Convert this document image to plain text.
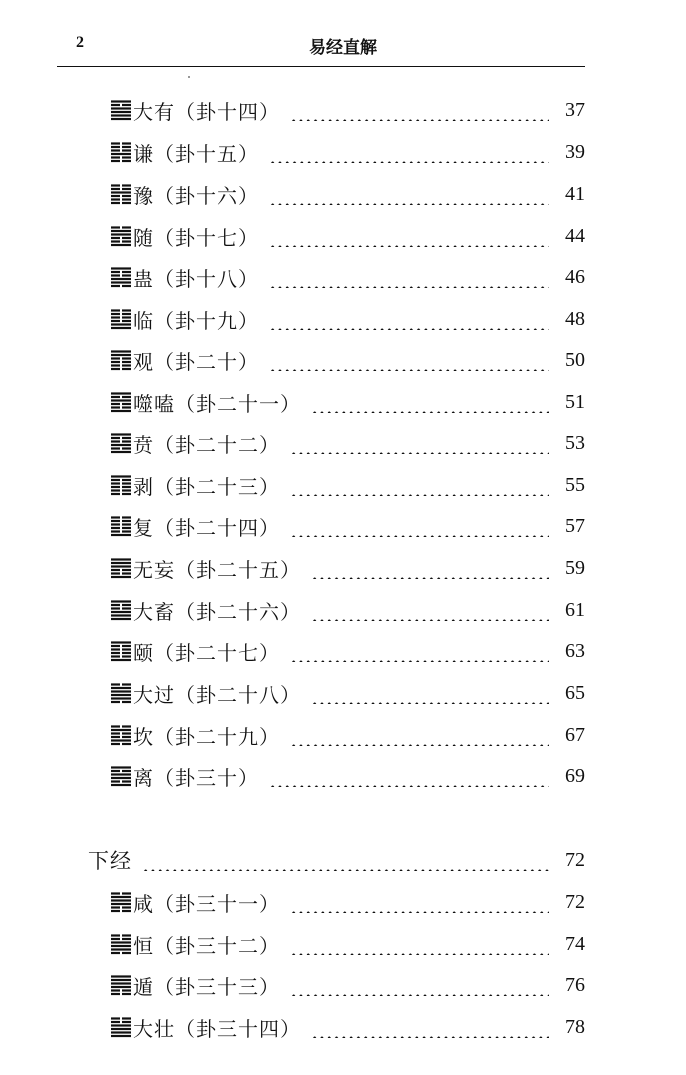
2	易经直解
大有（卦十四）	37
谦（卦十五）	39
豫（卦十六）	41
随（卦十七）	44
蛊（卦十八）	46
临（卦十九）	48
观（卦二十）	50
噬嗑（卦二十一）	51
贲（卦二十二）	53
剥（卦二十三）	55
复（卦二十四）	57
无妄（卦二十五）	59
大畜（卦二十六）	61
颐（卦二十七）	63
大过（卦二十八）	65
坎（卦二十九）	67
离（卦三十）	69
下经	72
咸（卦三十一）	72
恒（卦三十二）	74
遁（卦三十三）	76
大壮（卦三十四）	78
